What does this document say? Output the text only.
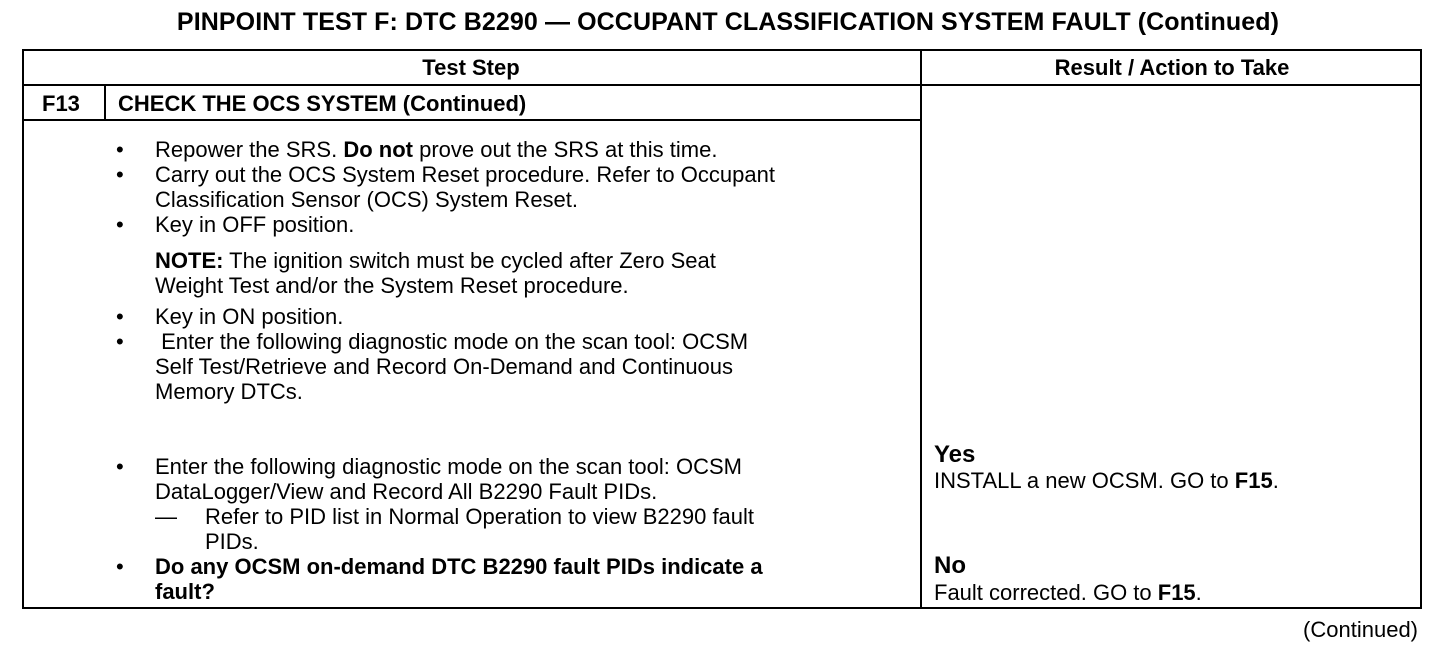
PINPOINT TEST F: DTC B2290 — OCCUPANT CLASSIFICATION SYSTEM FAULT (Continued)
Test Step	Result / Action to Take
F13 CHECK THE OCS SYSTEM (Continued)
• Repower the SRS. Do not prove out the SRS at this time.
• Carry out the OCS System Reset procedure. Refer to Occupant
Classification Sensor (OCS) System Reset.
• Key in OFF position.
NOTE: The ignition switch must be cycled after Zero Seat
Weight Test and/or the System Reset procedure.
• Key in ON position.
• Enter the following diagnostic mode on the scan tool: OCSM
Self Test/Retrieve and Record On-Demand and Continuous
Memory DTCs.
• Enter the following diagnostic mode on the scan tool: OCSM
DataLogger/View and Record All B2290 Fault PIDs.
— Refer to PID list in Normal Operation to view B2290 fault
PIDs.
• Do any OCSM on-demand DTC B2290 fault PIDs indicate a
fault?
Yes
INSTALL a new OCSM. GO to F15.
No
Fault corrected. GO to F15.
(Continued)
